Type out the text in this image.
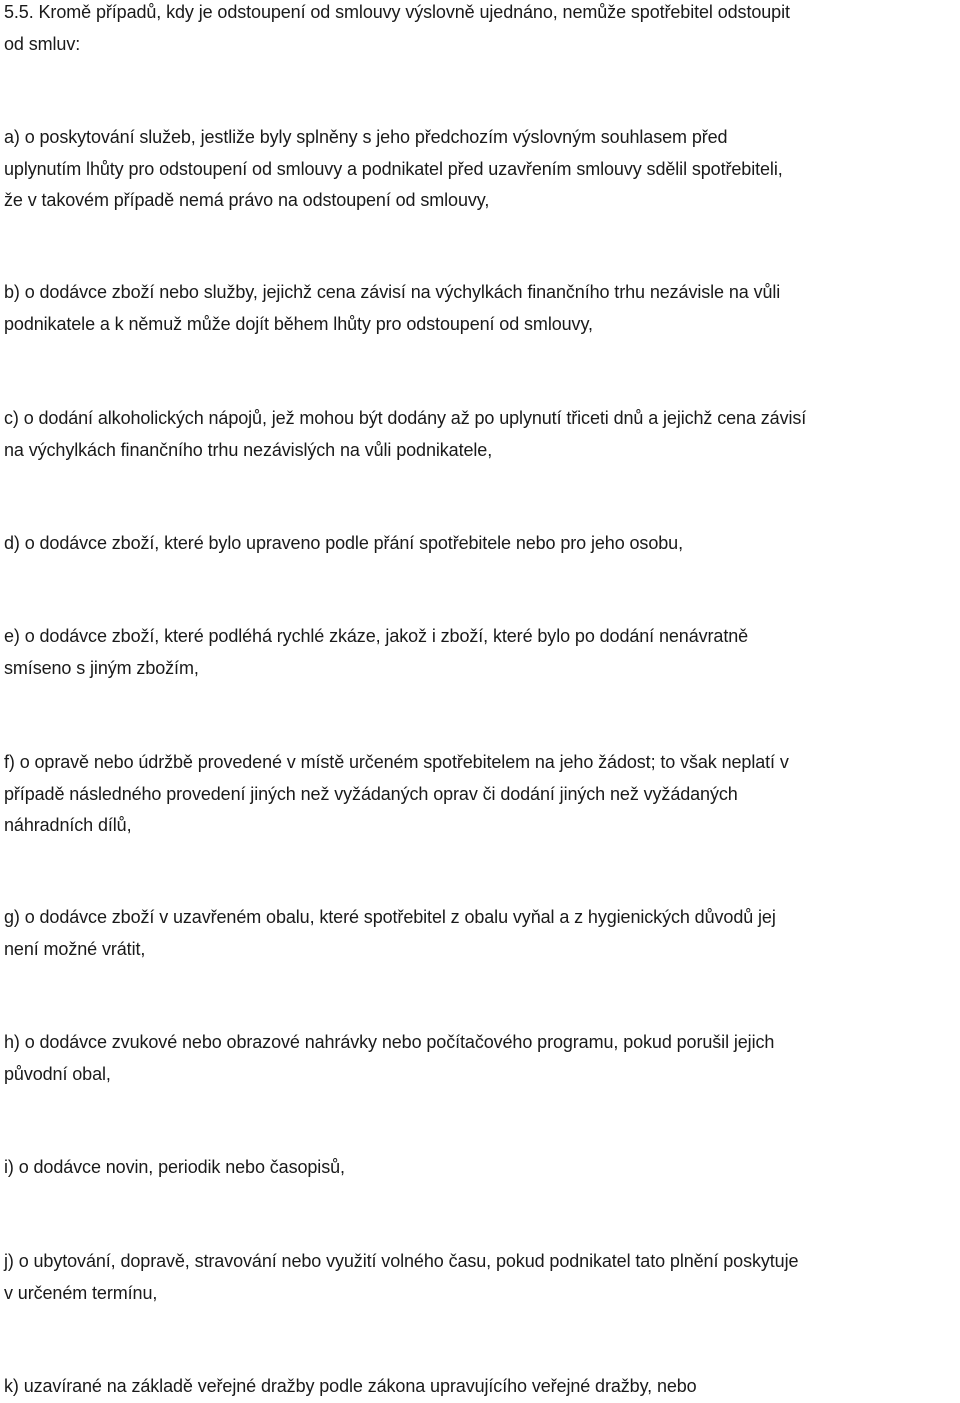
5.5. Kromě případů, kdy je odstoupení od smlouvy výslovně ujednáno, nemůže spotřebitel odstoupit
od smluv:

a) o poskytování služeb, jestliže byly splněny s jeho předchozím výslovným souhlasem před
uplynutím lhůty pro odstoupení od smlouvy a podnikatel před uzavřením smlouvy sdělil spotřebiteli,
že v takovém případě nemá právo na odstoupení od smlouvy,

b) o dodávce zboží nebo služby, jejichž cena závisí na výchylkách finančního trhu nezávisle na vůli
podnikatele a k němuž může dojít během lhůty pro odstoupení od smlouvy,

c) o dodání alkoholických nápojů, jež mohou být dodány až po uplynutí třiceti dnů a jejichž cena závisí
na výchylkách finančního trhu nezávislých na vůli podnikatele,

d) o dodávce zboží, které bylo upraveno podle přání spotřebitele nebo pro jeho osobu,

e) o dodávce zboží, které podléhá rychlé zkáze, jakož i zboží, které bylo po dodání nenávratně
smíseno s jiným zbožím,

f) o opravě nebo údržbě provedené v místě určeném spotřebitelem na jeho žádost; to však neplatí v
případě následného provedení jiných než vyžádaných oprav či dodání jiných než vyžádaných
náhradních dílů,

g) o dodávce zboží v uzavřeném obalu, které spotřebitel z obalu vyňal a z hygienických důvodů jej
není možné vrátit,

h) o dodávce zvukové nebo obrazové nahrávky nebo počítačového programu, pokud porušil jejich
původní obal,

i) o dodávce novin, periodik nebo časopisů,

j) o ubytování, dopravě, stravování nebo využití volného času, pokud podnikatel tato plnění poskytuje
v určeném termínu,

k) uzavírané na základě veřejné dražby podle zákona upravujícího veřejné dražby, nebo
